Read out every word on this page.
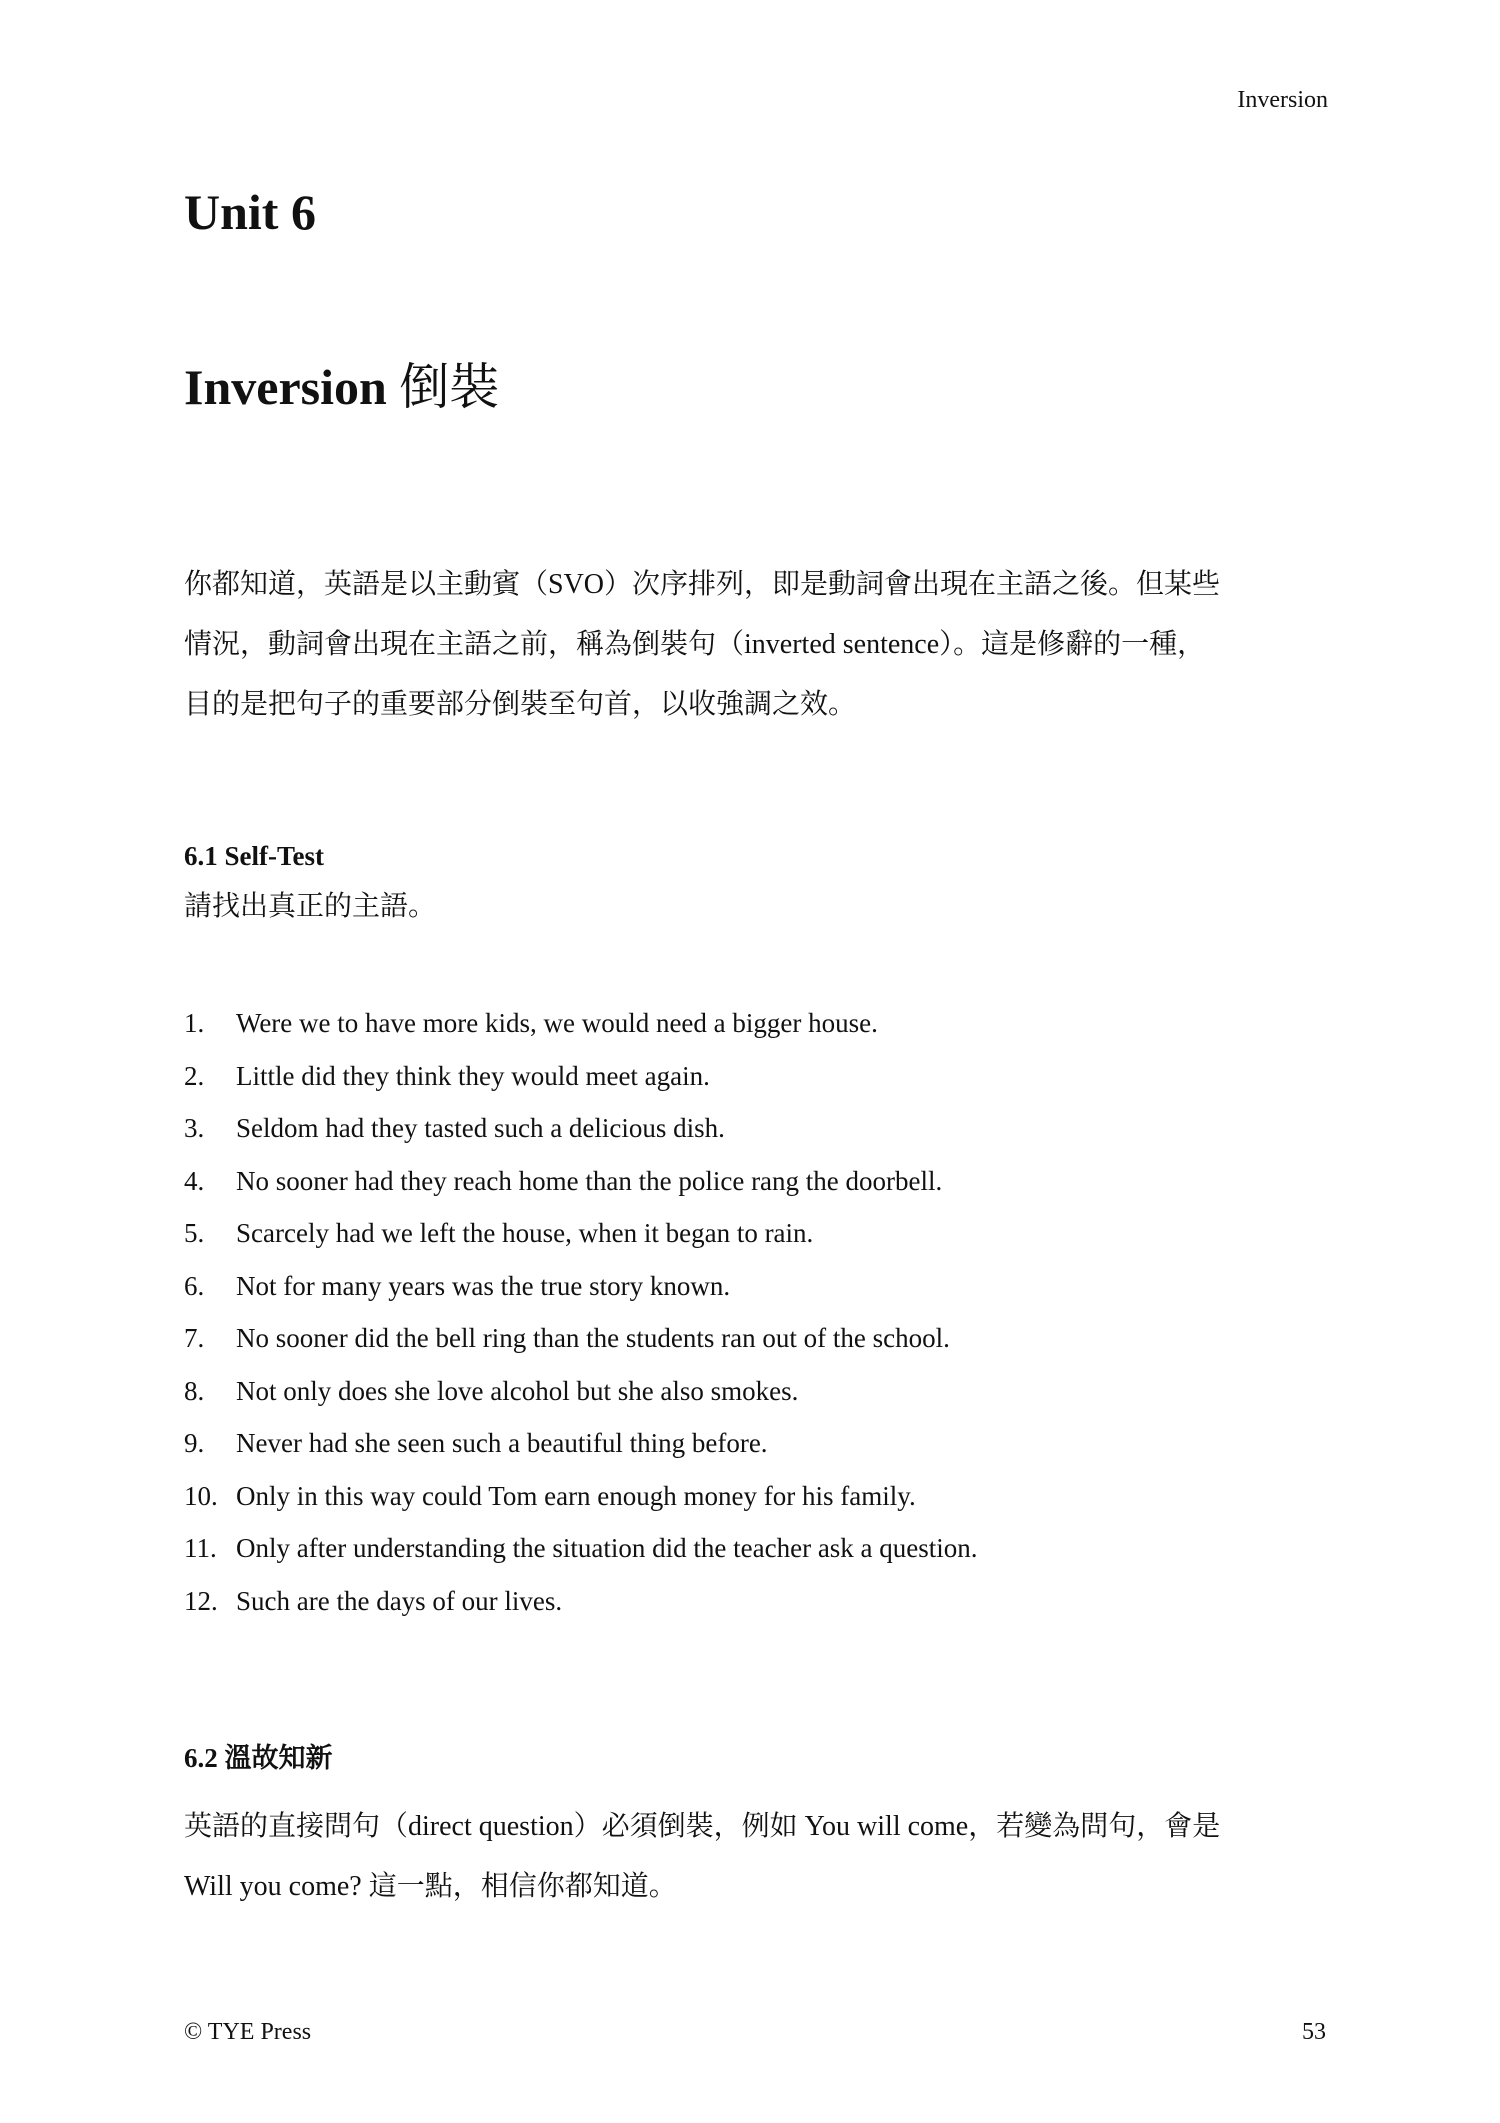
Inversion
Unit 6
Inversion 倒裝

你都知道，英語是以主動賓（SVO）次序排列，即是動詞會出現在主語之後。但某些
情況，動詞會出現在主語之前，稱為倒裝句（inverted sentence）。這是修辭的一種，
目的是把句子的重要部分倒裝至句首，以收強調之效。

6.1 Self-Test

請找出真正的主語。

1.	Were we to have more kids, we would need a bigger house.
2.	Little did they think they would meet again.
3.	Seldom had they tasted such a delicious dish.
4.	No sooner had they reach home than the police rang the doorbell.
5.	Scarcely had we left the house, when it began to rain.
6.	Not for many years was the true story known.
7.	No sooner did the bell ring than the students ran out of the school.
8.	Not only does she love alcohol but she also smokes.
9.	Never had she seen such a beautiful thing before.
10. Only in this way could Tom earn enough money for his family.
11. Only after understanding the situation did the teacher ask a question.
12. Such are the days of our lives.
6.2 溫故知新

英語的直接問句（direct question）必須倒裝，例如 You will come，若變為問句，會是
Will you come? 這一點，相信你都知道。

© TYE Press	53
